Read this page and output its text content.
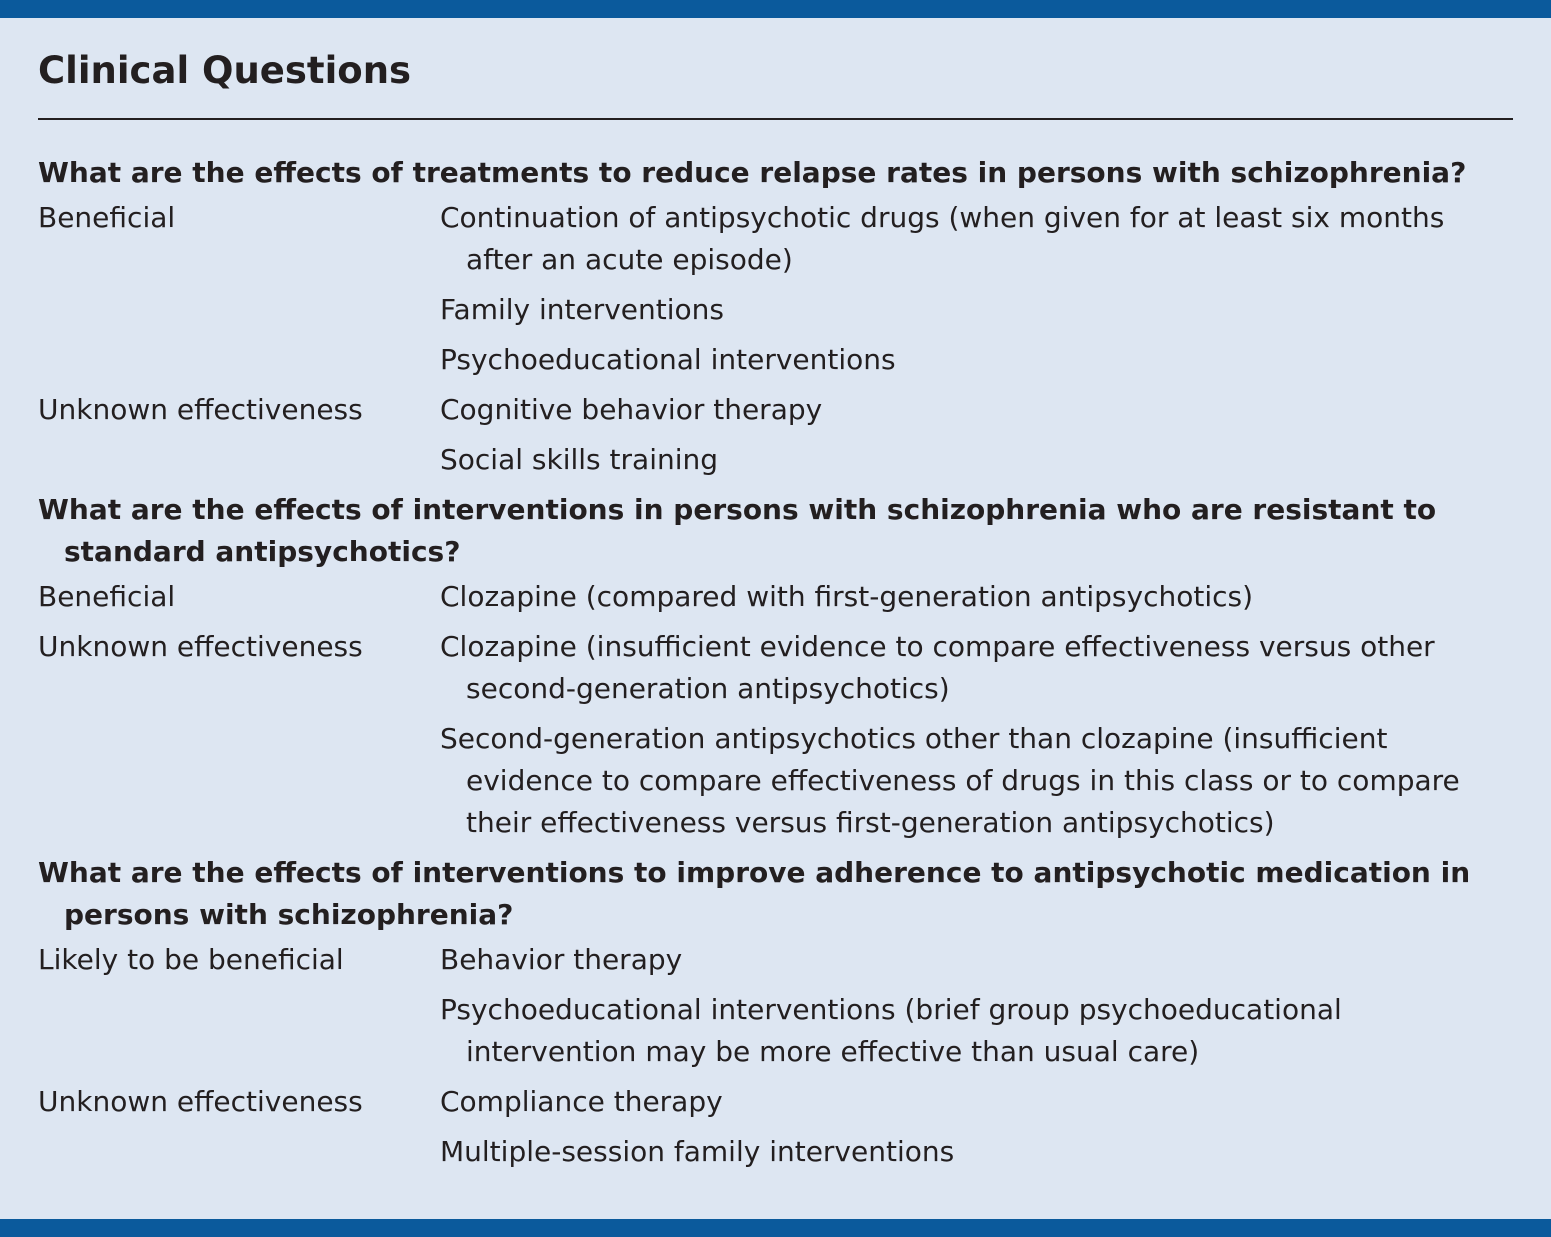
Clinical Questions
What are the effects of treatments to reduce relapse rates in persons with schizophrenia?
Beneficial	Continuation of antipsychotic drugs (when given for at least six months after an acute episode)
Family interventions
Psychoeducational interventions
Unknown effectiveness	Cognitive behavior therapy
Social skills training
What are the effects of interventions in persons with schizophrenia who are resistant to standard antipsychotics?
Beneficial	Clozapine (compared with first-generation antipsychotics)
Unknown effectiveness	Clozapine (insufficient evidence to compare effectiveness versus other second-generation antipsychotics)
Second-generation antipsychotics other than clozapine (insufficient evidence to compare effectiveness of drugs in this class or to compare their effectiveness versus first-generation antipsychotics)
What are the effects of interventions to improve adherence to antipsychotic medication in persons with schizophrenia?
Likely to be beneficial	Behavior therapy
Psychoeducational interventions (brief group psychoeducational intervention may be more effective than usual care)
Unknown effectiveness	Compliance therapy
Multiple-session family interventions
